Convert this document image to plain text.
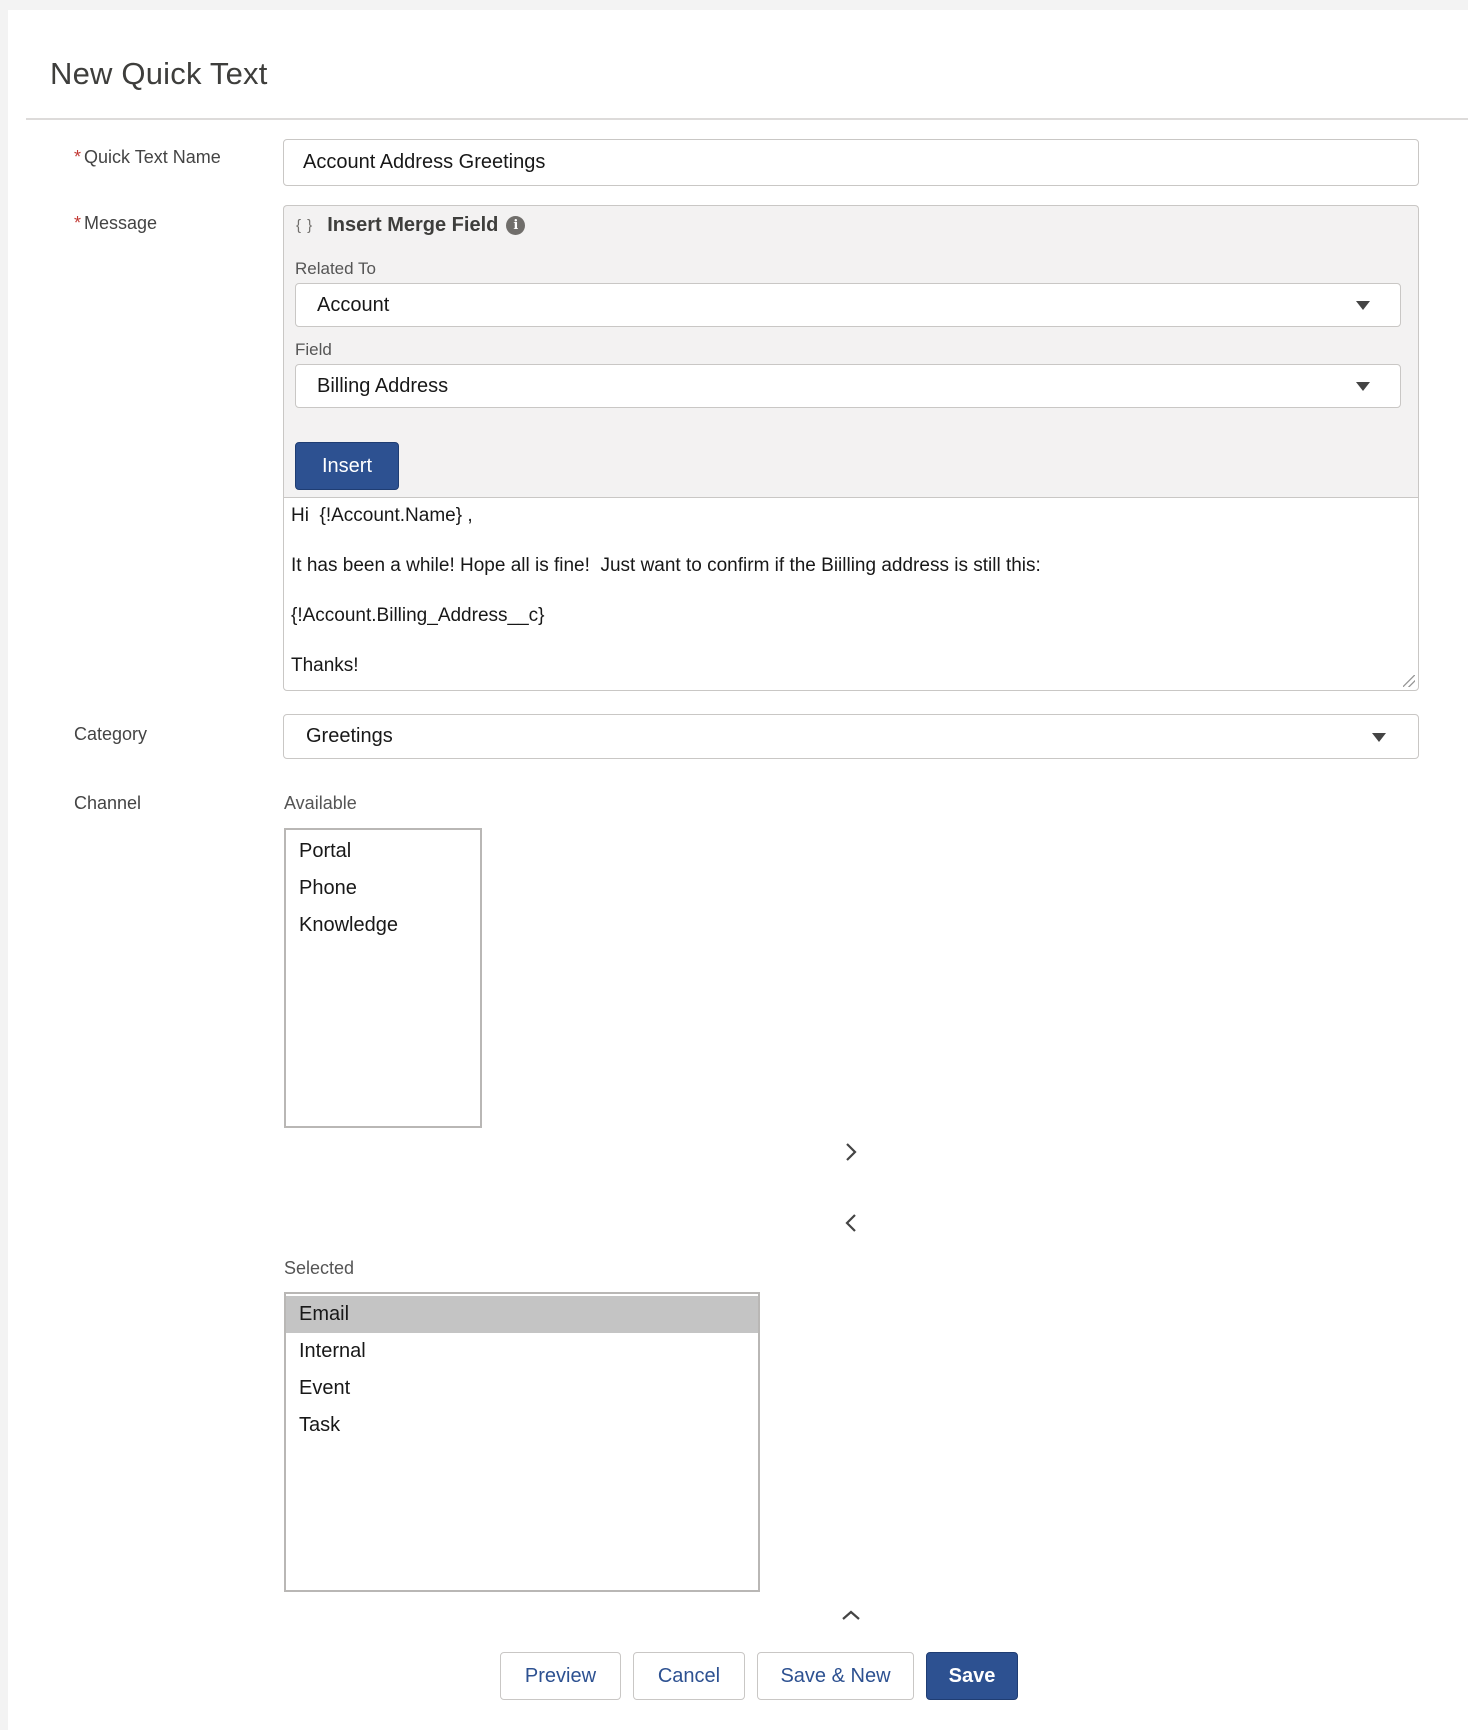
New Quick Text
* Quick Text Name	Account Address Greetings
* Message	{ } Insert Merge Field	i
Related To
Account
Field
Billing Address
Insert
Hi  {!Account.Name} ,
It has been a while! Hope all is fine!  Just want to confirm if the Biilling address is still this:
{!Account.Billing_Address__c}
Thanks!
Category	Greetings
Channel	Available
Portal
Phone
Knowledge
Selected
Email
Internal
Event
Task
Preview	Cancel	Save & New	Save
